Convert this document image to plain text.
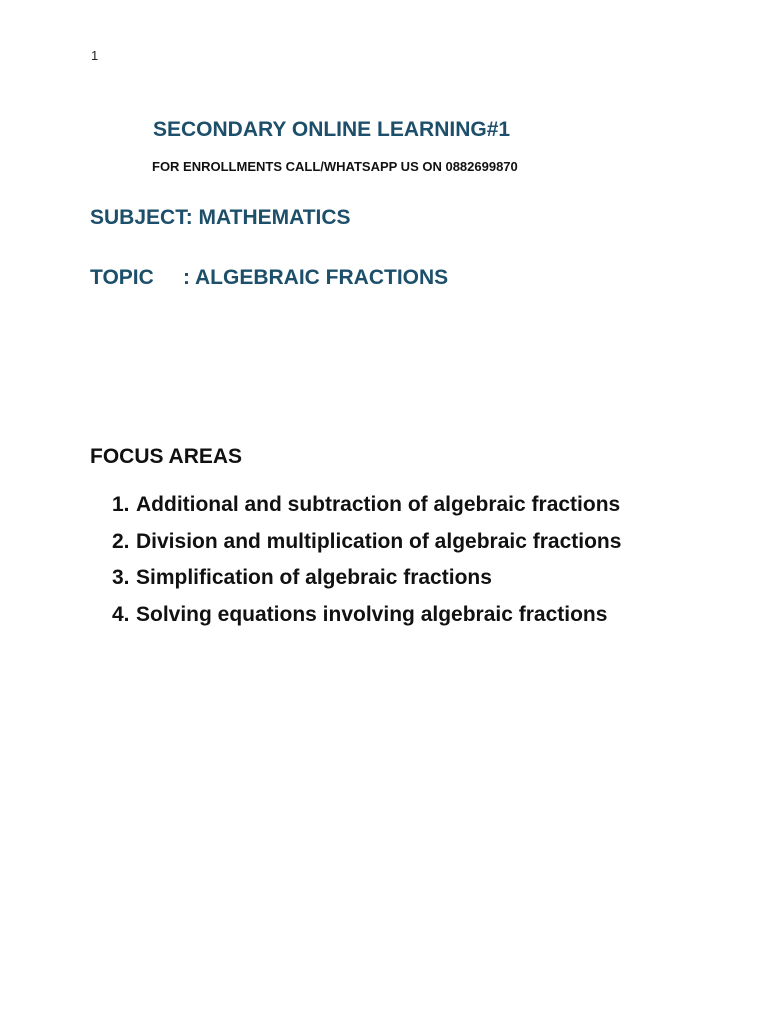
1
SECONDARY ONLINE LEARNING#1
FOR ENROLLMENTS CALL/WHATSAPP US ON 0882699870
SUBJECT: MATHEMATICS
TOPIC     : ALGEBRAIC FRACTIONS
FOCUS AREAS
1. Additional and subtraction of algebraic fractions
2. Division and multiplication of algebraic fractions
3. Simplification of algebraic fractions
4. Solving equations involving algebraic fractions
